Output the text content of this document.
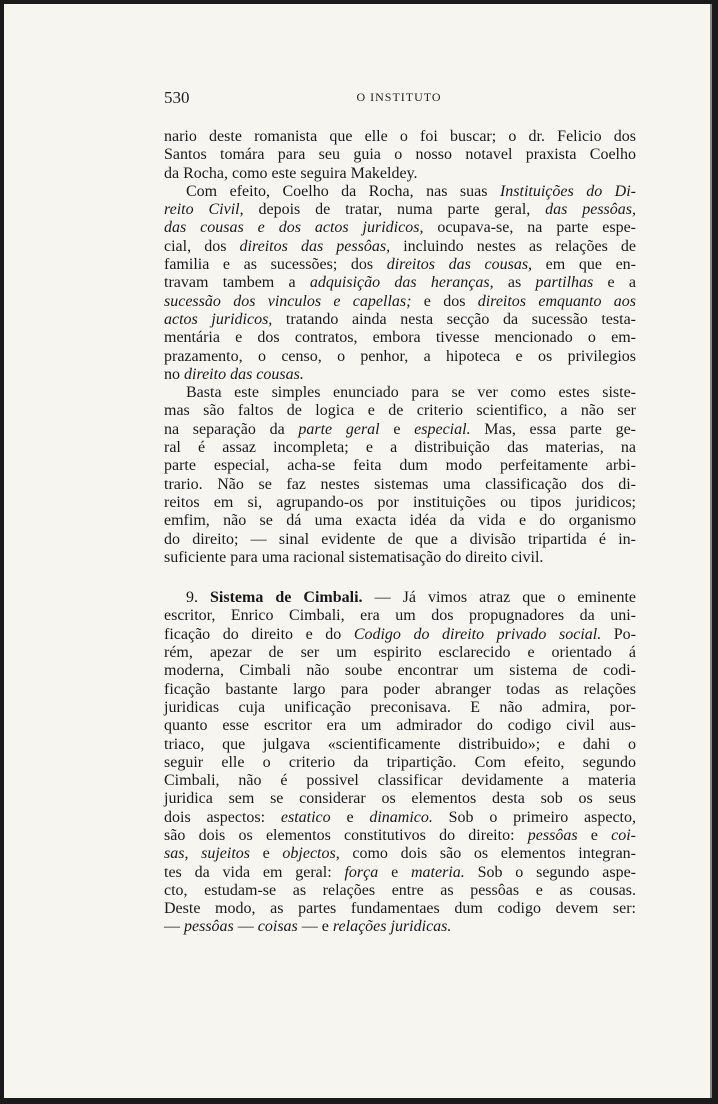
530	O INSTITUTO
nario deste romanista que elle o foi buscar; o dr. Felicio dos
Santos tomára para seu guia o nosso notavel praxista Coelho
da Rocha, como este seguira Makeldey.
Com efeito, Coelho da Rocha, nas suas Instituições do Di-
reito Civil, depois de tratar, numa parte geral, das pessôas,
das cousas e dos actos juridicos, ocupava-se, na parte espe-
cial, dos direitos das pessôas, incluindo nestes as relações de
familia e as sucessões; dos direitos das cousas, em que en-
travam tambem a adquisição das heranças, as partilhas e a
sucessão dos vinculos e capellas; e dos direitos emquanto aos
actos juridicos, tratando ainda nesta secção da sucessão testa-
mentária e dos contratos, embora tivesse mencionado o em-
prazamento, o censo, o penhor, a hipoteca e os privilegios
no direito das cousas.
Basta este simples enunciado para se ver como estes siste-
mas são faltos de logica e de criterio scientifico, a não ser
na separação da parte geral e especial. Mas, essa parte ge-
ral é assaz incompleta; e a distribuição das materias, na
parte especial, acha-se feita dum modo perfeitamente arbi-
trario. Não se faz nestes sistemas uma classificação dos di-
reitos em si, agrupando-os por instituições ou tipos juridicos;
emfim, não se dá uma exacta idéa da vida e do organismo
do direito; — sinal evidente de que a divisão tripartida é in-
suficiente para uma racional sistematisação do direito civil.
9. Sistema de Cimbali. — Já vimos atraz que o eminente
escritor, Enrico Cimbali, era um dos propugnadores da uni-
ficação do direito e do Codigo do direito privado social. Po-
rém, apezar de ser um espirito esclarecido e orientado á
moderna, Cimbali não soube encontrar um sistema de codi-
ficação bastante largo para poder abranger todas as relações
juridicas cuja unificação preconisava. E não admira, por-
quanto esse escritor era um admirador do codigo civil aus-
triaco, que julgava «scientificamente distribuido»; e dahi o
seguir elle o criterio da tripartição. Com efeito, segundo
Cimbali, não é possivel classificar devidamente a materia
juridica sem se considerar os elementos desta sob os seus
dois aspectos: estatico e dinamico. Sob o primeiro aspecto,
são dois os elementos constitutivos do direito: pessôas e coi-
sas, sujeitos e objectos, como dois são os elementos integran-
tes da vida em geral: força e materia. Sob o segundo aspe-
cto, estudam-se as relações entre as pessôas e as cousas.
Deste modo, as partes fundamentaes dum codigo devem ser:
— pessôas — coisas — e relações juridicas.
